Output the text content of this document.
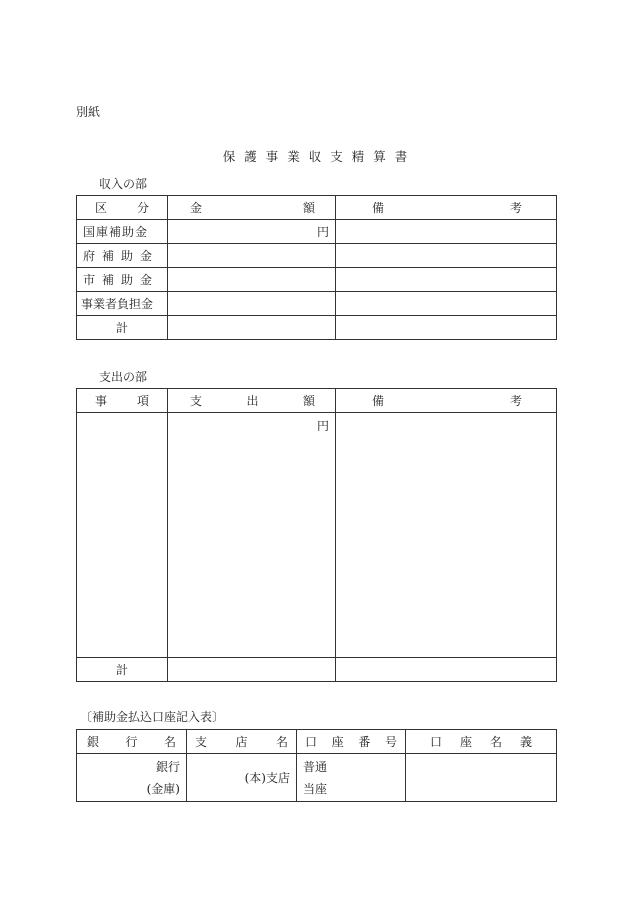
別紙
保護事業収支精算書
収入の部
区 分	金 額	備 考

国庫補助金	円	
府補助金		
市補助金		
事業者負担金		
計		
支出の部
事 項	支 出 額	備 考

	円	
計		
〔補助金払込口座記入表〕
銀 行 名	支 店 名	口 座 番 号	口 座 名 義

銀行
(金庫)	(本)支店	普通
当座	
